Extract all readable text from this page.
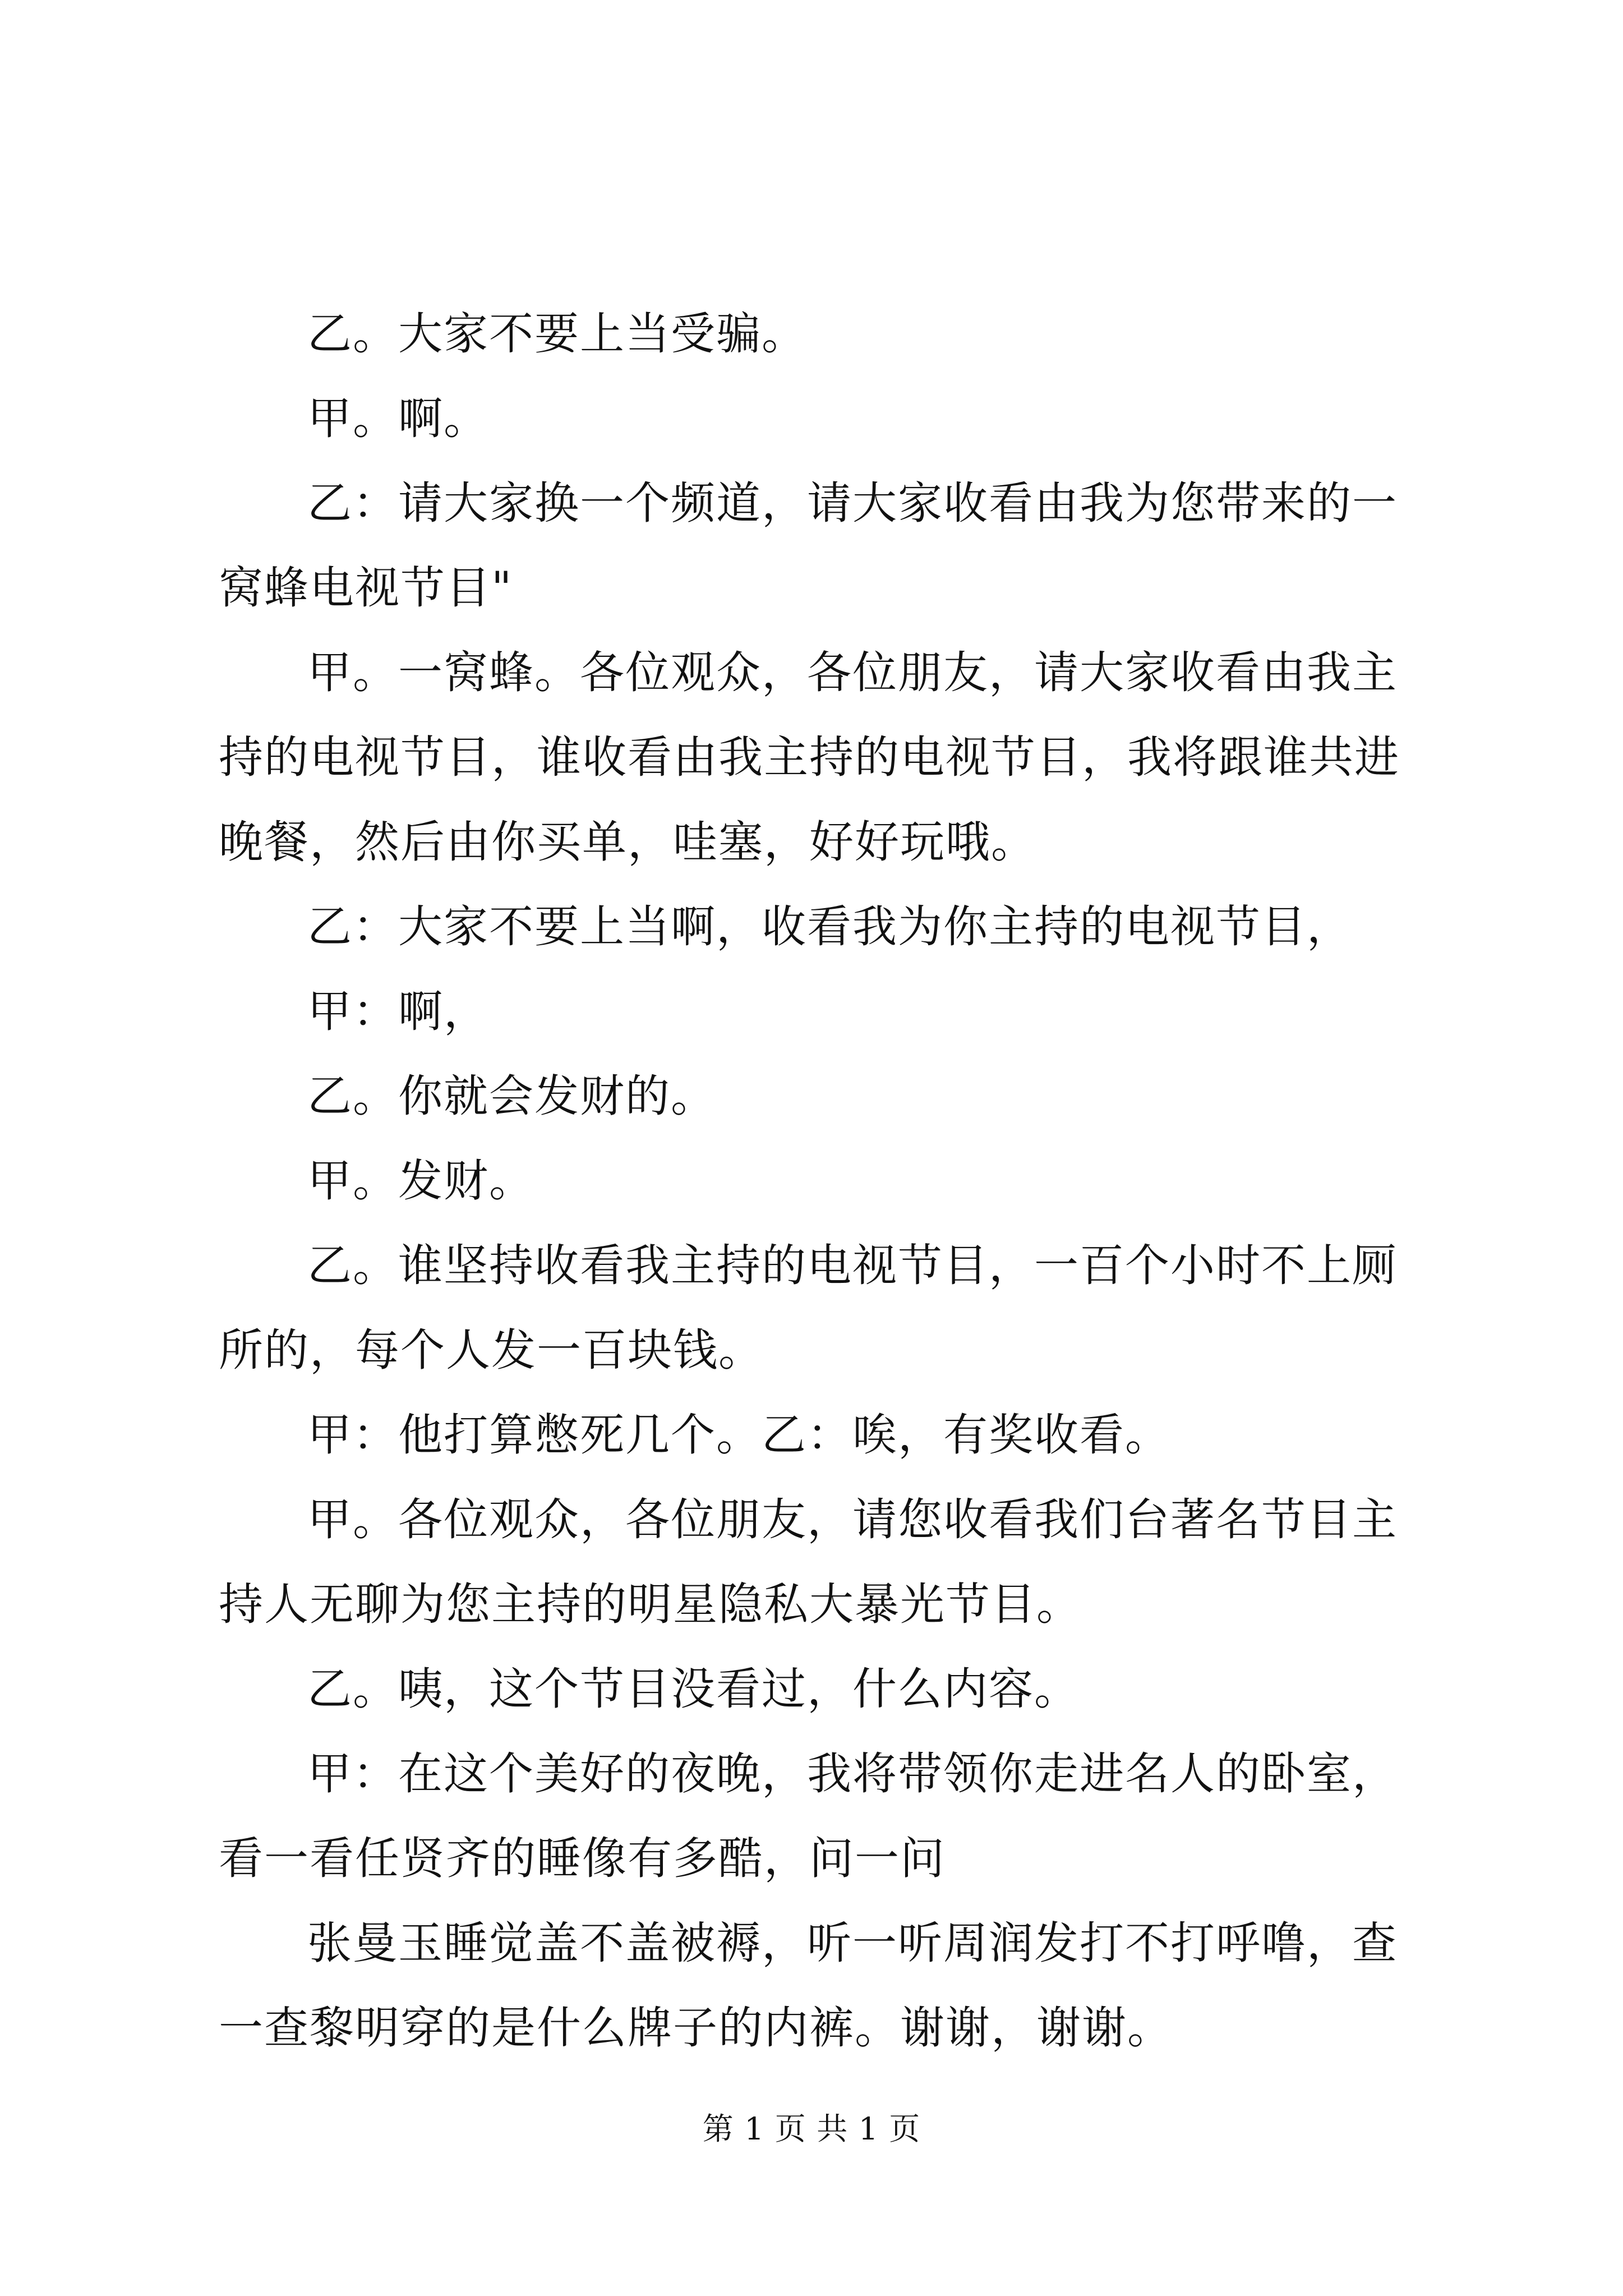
乙。大家不要上当受骗。

甲。啊。

乙：请大家换一个频道，请大家收看由我为您带来的一窝蜂电视节目"

甲。一窝蜂。各位观众，各位朋友，请大家收看由我主持的电视节目，谁收看由我主持的电视节目，我将跟谁共进晚餐，然后由你买单，哇塞，好好玩哦。

乙：大家不要上当啊，收看我为你主持的电视节目，

甲：啊，

乙。你就会发财的。

甲。发财。

乙。谁坚持收看我主持的电视节目，一百个小时不上厕所的，每个人发一百块钱。

甲：他打算憋死几个。乙：唉，有奖收看。

甲。各位观众，各位朋友，请您收看我们台著名节目主持人无聊为您主持的明星隐私大暴光节目。

乙。咦，这个节目没看过，什么内容。

甲：在这个美好的夜晚，我将带领你走进名人的卧室，看一看任贤齐的睡像有多酷，问一问

张曼玉睡觉盖不盖被褥，听一听周润发打不打呼噜，查一查黎明穿的是什么牌子的内裤。谢谢，谢谢。

第 1 页 共 1 页
